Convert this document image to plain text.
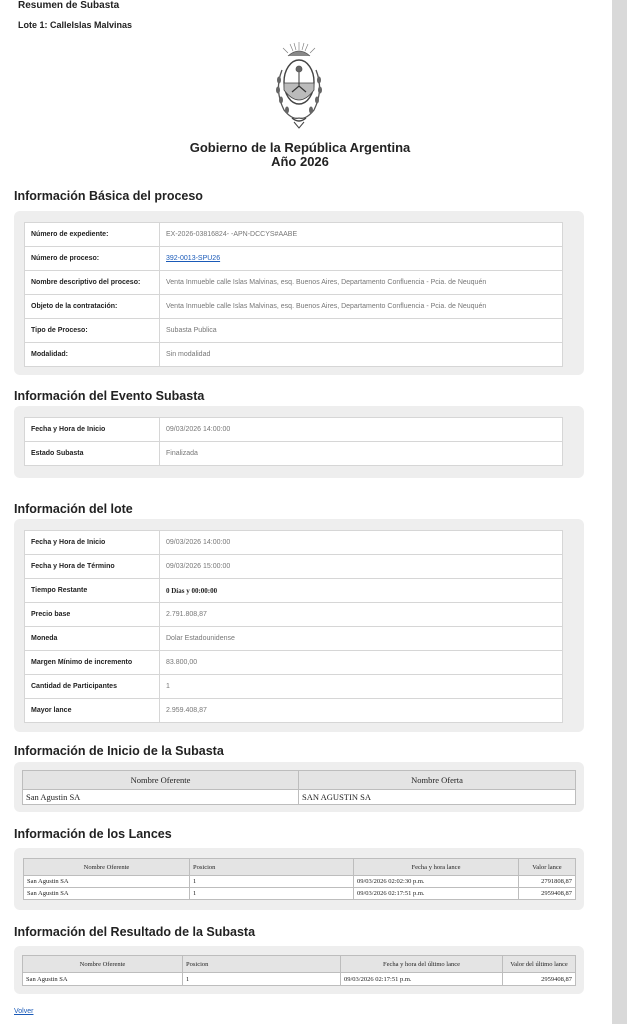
Resumen de Subasta
Lote 1: CalleIslas Malvinas
Gobierno de la República Argentina
Año 2026
Información Básica del proceso
Número de expediente:	EX-2026-03816824- -APN-DCCYS#AABE
Número de proceso:	392-0013-SPU26
Nombre descriptivo del proceso:	Venta Inmueble calle Islas Malvinas, esq. Buenos Aires, Departamento Confluencia - Pcia. de Neuquén
Objeto de la contratación:	Venta Inmueble calle Islas Malvinas, esq. Buenos Aires, Departamento Confluencia - Pcia. de Neuquén
Tipo de Proceso:	Subasta Publica
Modalidad:	Sin modalidad
Información del Evento Subasta
Fecha y Hora de Inicio	09/03/2026 14:00:00
Estado Subasta	Finalizada
Información del lote
Fecha y Hora de Inicio	09/03/2026 14:00:00
Fecha y Hora de Término	09/03/2026 15:00:00
Tiempo Restante	0 Días y 00:00:00
Precio base	2.791.808,87
Moneda	Dolar Estadounidense
Margen Mínimo de incremento	83.800,00
Cantidad de Participantes	1
Mayor lance	2.959.408,87
Información de Inicio de la Subasta
Nombre Oferente	Nombre Oferta
San Agustin SA	SAN AGUSTIN SA
Información de los Lances
Nombre Oferente	Posicion	Fecha y hora lance	Valor lance
San Agustin SA	1	09/03/2026 02:02:30 p.m.	2791808,87
San Agustin SA	1	09/03/2026 02:17:51 p.m.	2959408,87
Información del Resultado de la Subasta
Nombre Oferente	Posicion	Fecha y hora del último lance	Valor del último lance
San Agustin SA	1	09/03/2026 02:17:51 p.m.	2959408,87
Volver
